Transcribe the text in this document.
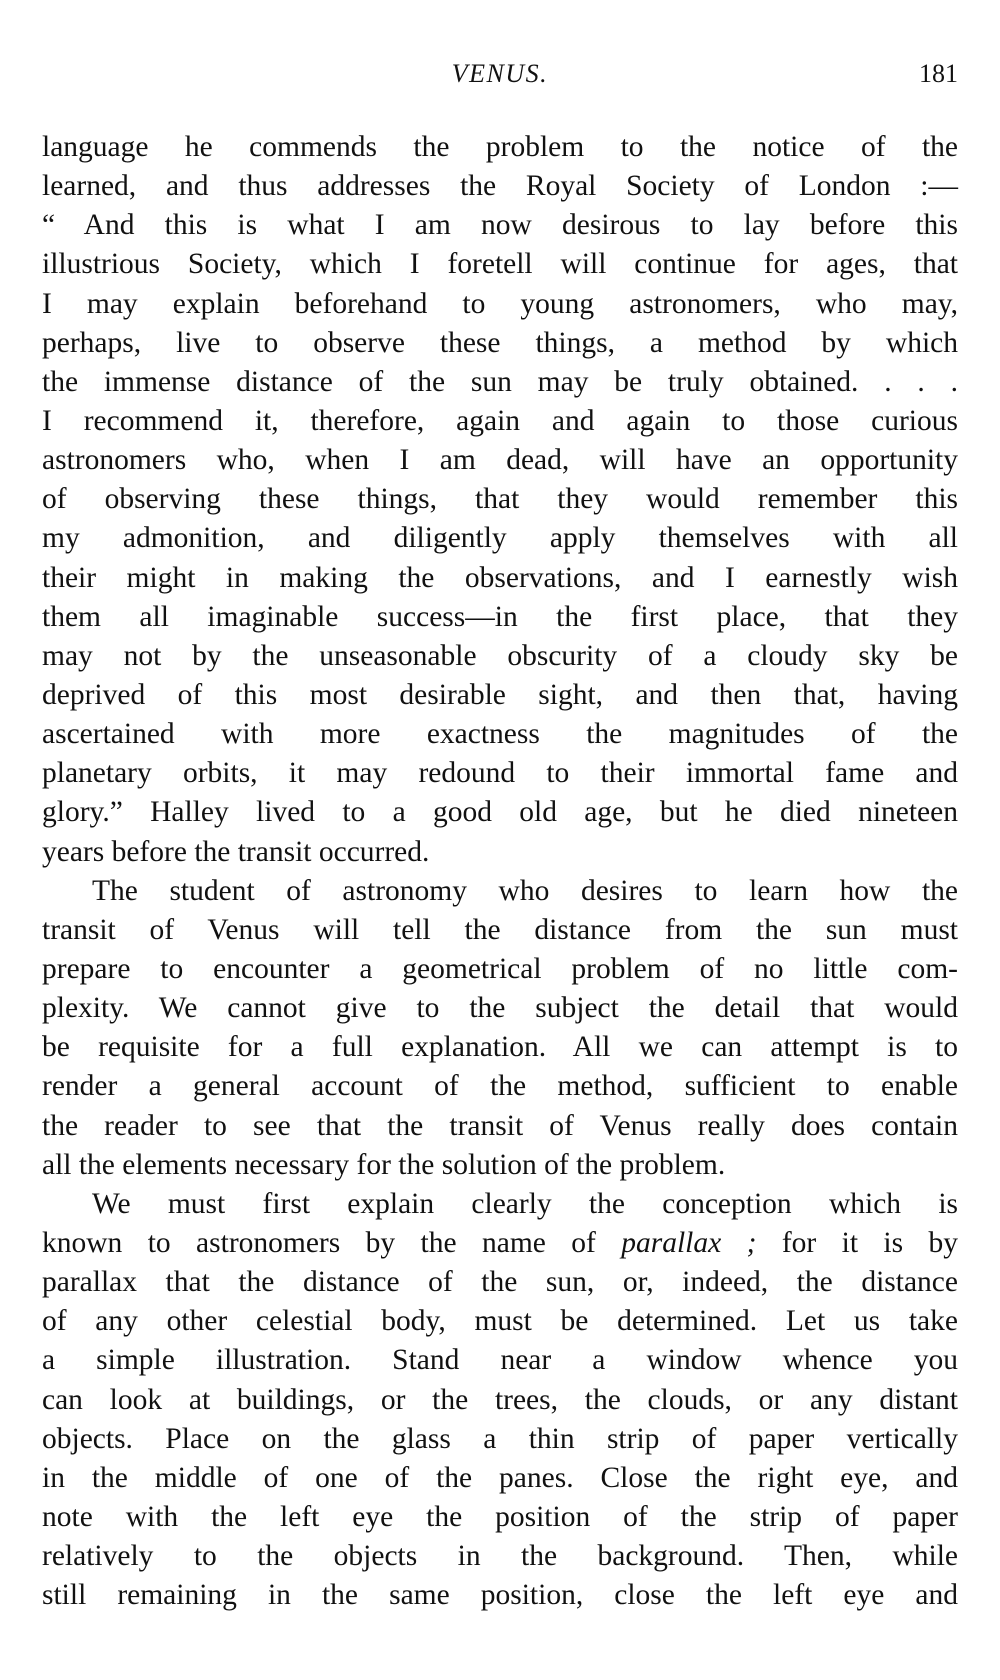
VENUS.	181
language he commends the problem to the notice of the
learned, and thus addresses the Royal Society of London :—
“ And this is what I am now desirous to lay before this
illustrious Society, which I foretell will continue for ages, that
I may explain beforehand to young astronomers, who may,
perhaps, live to observe these things, a method by which
the immense distance of the sun may be truly obtained. . . .
I recommend it, therefore, again and again to those curious
astronomers who, when I am dead, will have an opportunity
of observing these things, that they would remember this
my admonition, and diligently apply themselves with all
their might in making the observations, and I earnestly wish
them all imaginable success—in the first place, that they
may not by the unseasonable obscurity of a cloudy sky be
deprived of this most desirable sight, and then that, having
ascertained with more exactness the magnitudes of the
planetary orbits, it may redound to their immortal fame and
glory.” Halley lived to a good old age, but he died nineteen
years before the transit occurred.
The student of astronomy who desires to learn how the
transit of Venus will tell the distance from the sun must
prepare to encounter a geometrical problem of no little com-
plexity. We cannot give to the subject the detail that would
be requisite for a full explanation. All we can attempt is to
render a general account of the method, sufficient to enable
the reader to see that the transit of Venus really does contain
all the elements necessary for the solution of the problem.
We must first explain clearly the conception which is
known to astronomers by the name of parallax ; for it is by
parallax that the distance of the sun, or, indeed, the distance
of any other celestial body, must be determined. Let us take
a simple illustration. Stand near a window whence you
can look at buildings, or the trees, the clouds, or any distant
objects. Place on the glass a thin strip of paper vertically
in the middle of one of the panes. Close the right eye, and
note with the left eye the position of the strip of paper
relatively to the objects in the background. Then, while
still remaining in the same position, close the left eye and
